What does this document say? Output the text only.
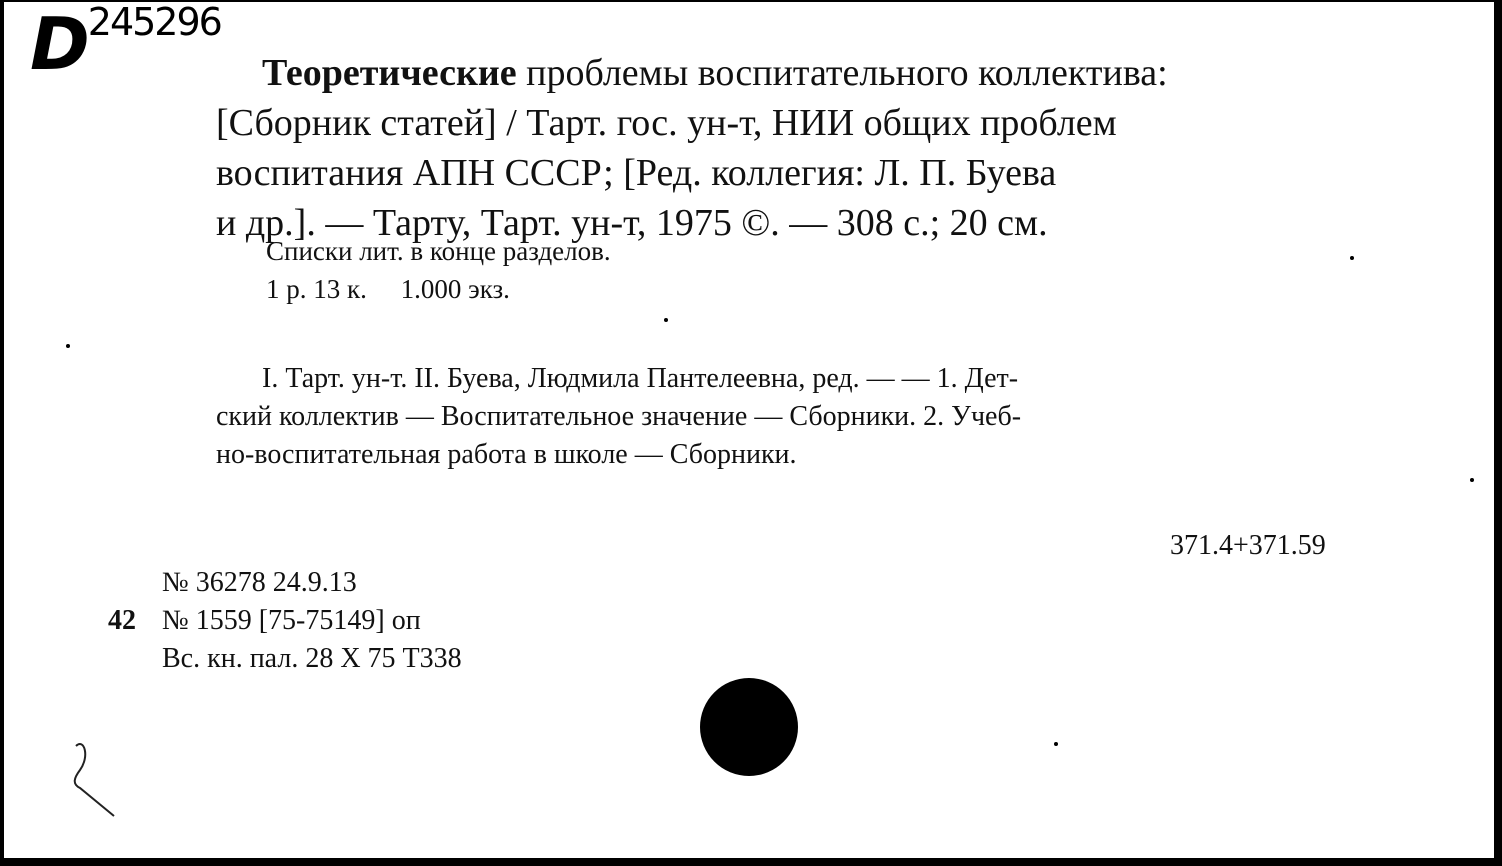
D245296
Теоретические проблемы воспитательного коллектива:
[Сборник статей] / Тарт. гос. ун-т, НИИ общих проблем
воспитания АПН СССР; [Ред. коллегия: Л. П. Буева
и др.]. — Тарту, Тарт. ун-т, 1975 ©. — 308 с.; 20 см.
Списки лит. в конце разделов.
1 р. 13 к. 1.000 экз.
I. Тарт. ун-т. II. Буева, Людмила Пантелеевна, ред. — — 1. Дет-
ский коллектив — Воспитательное значение — Сборники. 2. Учеб-
но-воспитательная работа в школе — Сборники.
371.4+371.59
№ 36278 24.9.13
42 № 1559 [75-75149] оп
Вс. кн. пал. 28 X 75 Т338
